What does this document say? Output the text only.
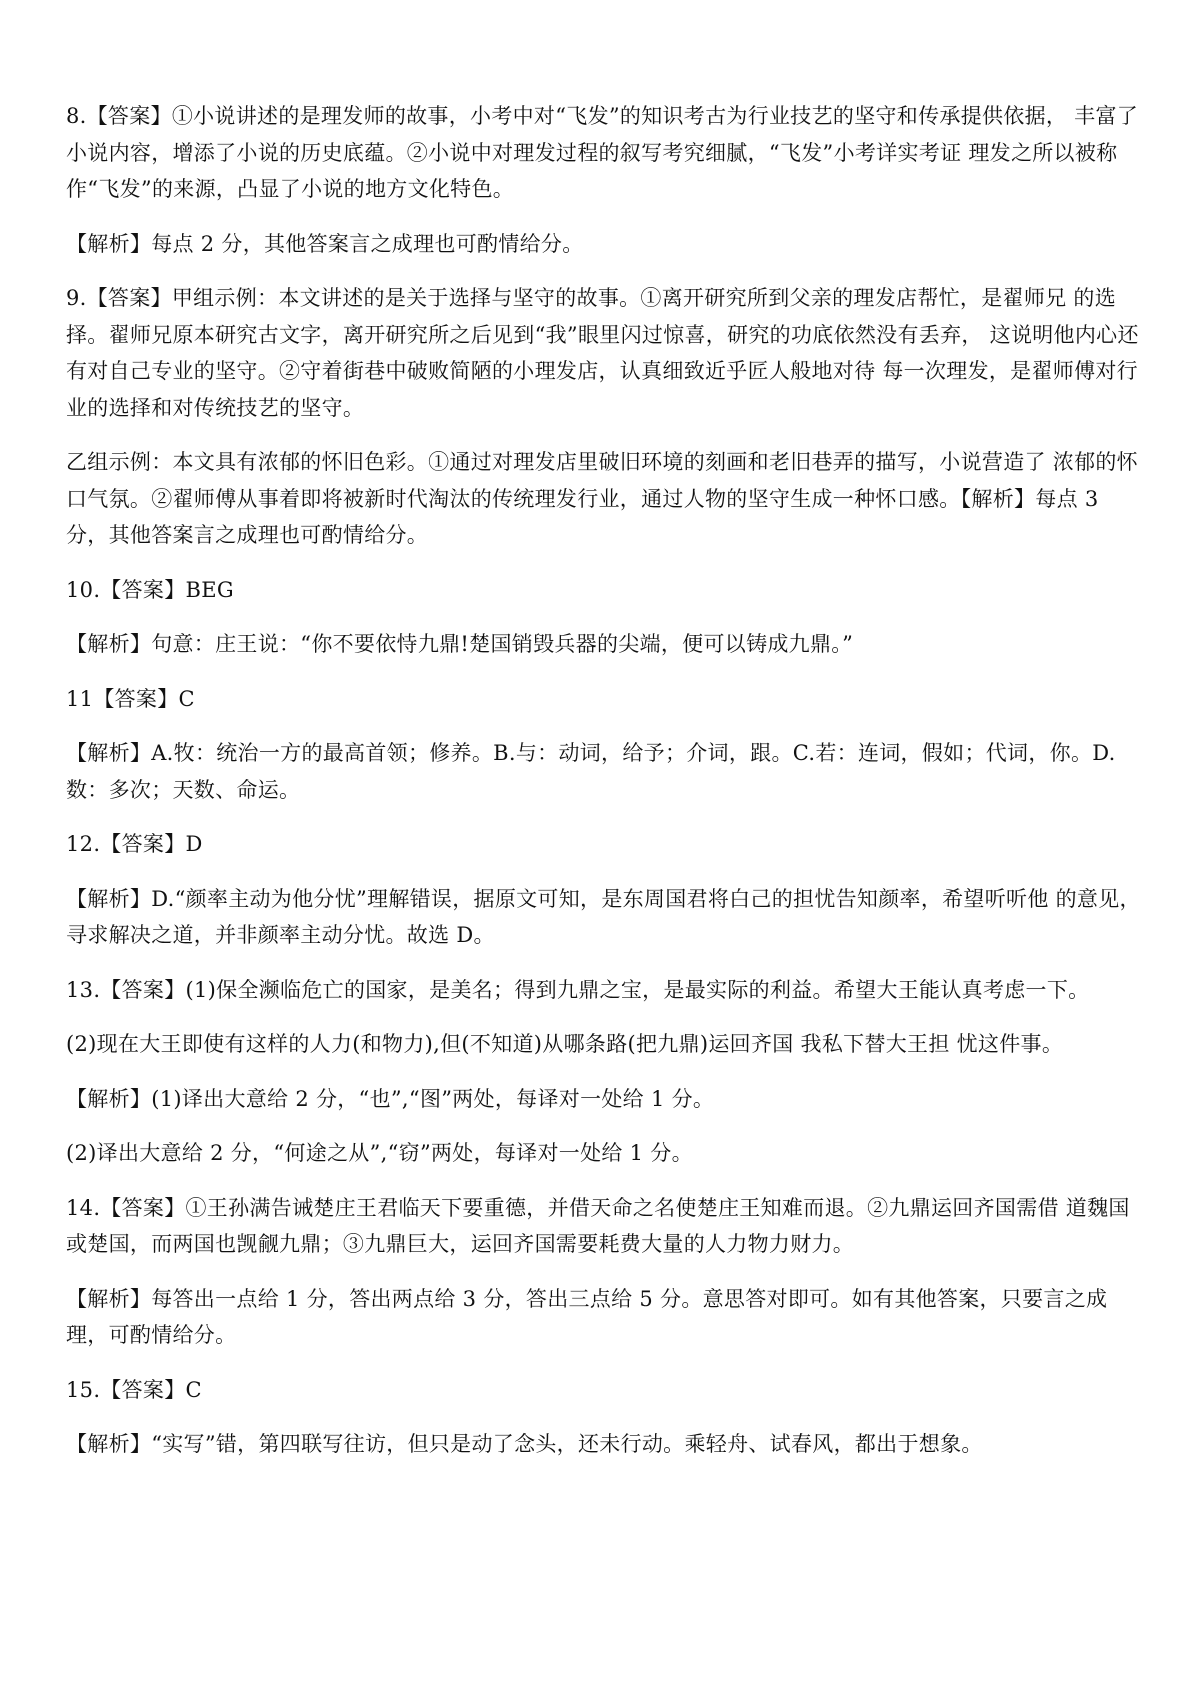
8.【答案】①小说讲述的是理发师的故事，小考中对“飞发”的知识考古为行业技艺的坚守和传承提供依据， 丰富了小说内容，增添了小说的历史底蕴。②小说中对理发过程的叙写考究细腻，“飞发”小考详实考证 理发之所以被称作“飞发”的来源，凸显了小说的地方文化特色。

【解析】每点 2 分，其他答案言之成理也可酌情给分。

9.【答案】甲组示例：本文讲述的是关于选择与坚守的故事。①离开研究所到父亲的理发店帮忙，是翟师兄 的选择。翟师兄原本研究古文字，离开研究所之后见到“我”眼里闪过惊喜，研究的功底依然没有丢弃， 这说明他内心还有对自己专业的坚守。②守着街巷中破败简陋的小理发店，认真细致近乎匠人般地对待 每一次理发，是翟师傅对行业的选择和对传统技艺的坚守。

乙组示例：本文具有浓郁的怀旧色彩。①通过对理发店里破旧环境的刻画和老旧巷弄的描写，小说营造了 浓郁的怀口气氛。②翟师傅从事着即将被新时代淘汰的传统理发行业，通过人物的坚守生成一种怀口感。【解析】每点 3 分，其他答案言之成理也可酌情给分。

10.【答案】BEG

【解析】句意：庄王说：“你不要依恃九鼎!楚国销毁兵器的尖端，便可以铸成九鼎。”

11【答案】C

【解析】A.牧：统治一方的最高首领；修养。B.与：动词，给予；介词，跟。C.若：连词，假如；代词，你。D. 数：多次；天数、命运。

12.【答案】D

【解析】D.“颜率主动为他分忧”理解错误，据原文可知，是东周国君将白己的担忧告知颜率，希望听听他 的意见，寻求解决之道，并非颜率主动分忧。故选 D。

13.【答案】(1)保全濒临危亡的国家，是美名；得到九鼎之宝，是最实际的利益。希望大王能认真考虑一下。

(2)现在大王即使有这样的人力(和物力),但(不知道)从哪条路(把九鼎)运回齐国 我私下替大王担 忧这件事。

【解析】(1)译出大意给 2 分，“也”,“图”两处，每译对一处给 1 分。

(2)译出大意给 2 分，“何途之从”,“窃”两处，每译对一处给 1 分。

14.【答案】①王孙满告诫楚庄王君临天下要重德，并借天命之名使楚庄王知难而退。②九鼎运回齐国需借 道魏国或楚国，而两国也觊觎九鼎；③九鼎巨大，运回齐国需要耗费大量的人力物力财力。

【解析】每答出一点给 1 分，答出两点给 3 分，答出三点给 5 分。意思答对即可。如有其他答案，只要言之成理，可酌情给分。

15.【答案】C

【解析】“实写”错，第四联写往访，但只是动了念头，还未行动。乘轻舟、试春风，都出于想象。
